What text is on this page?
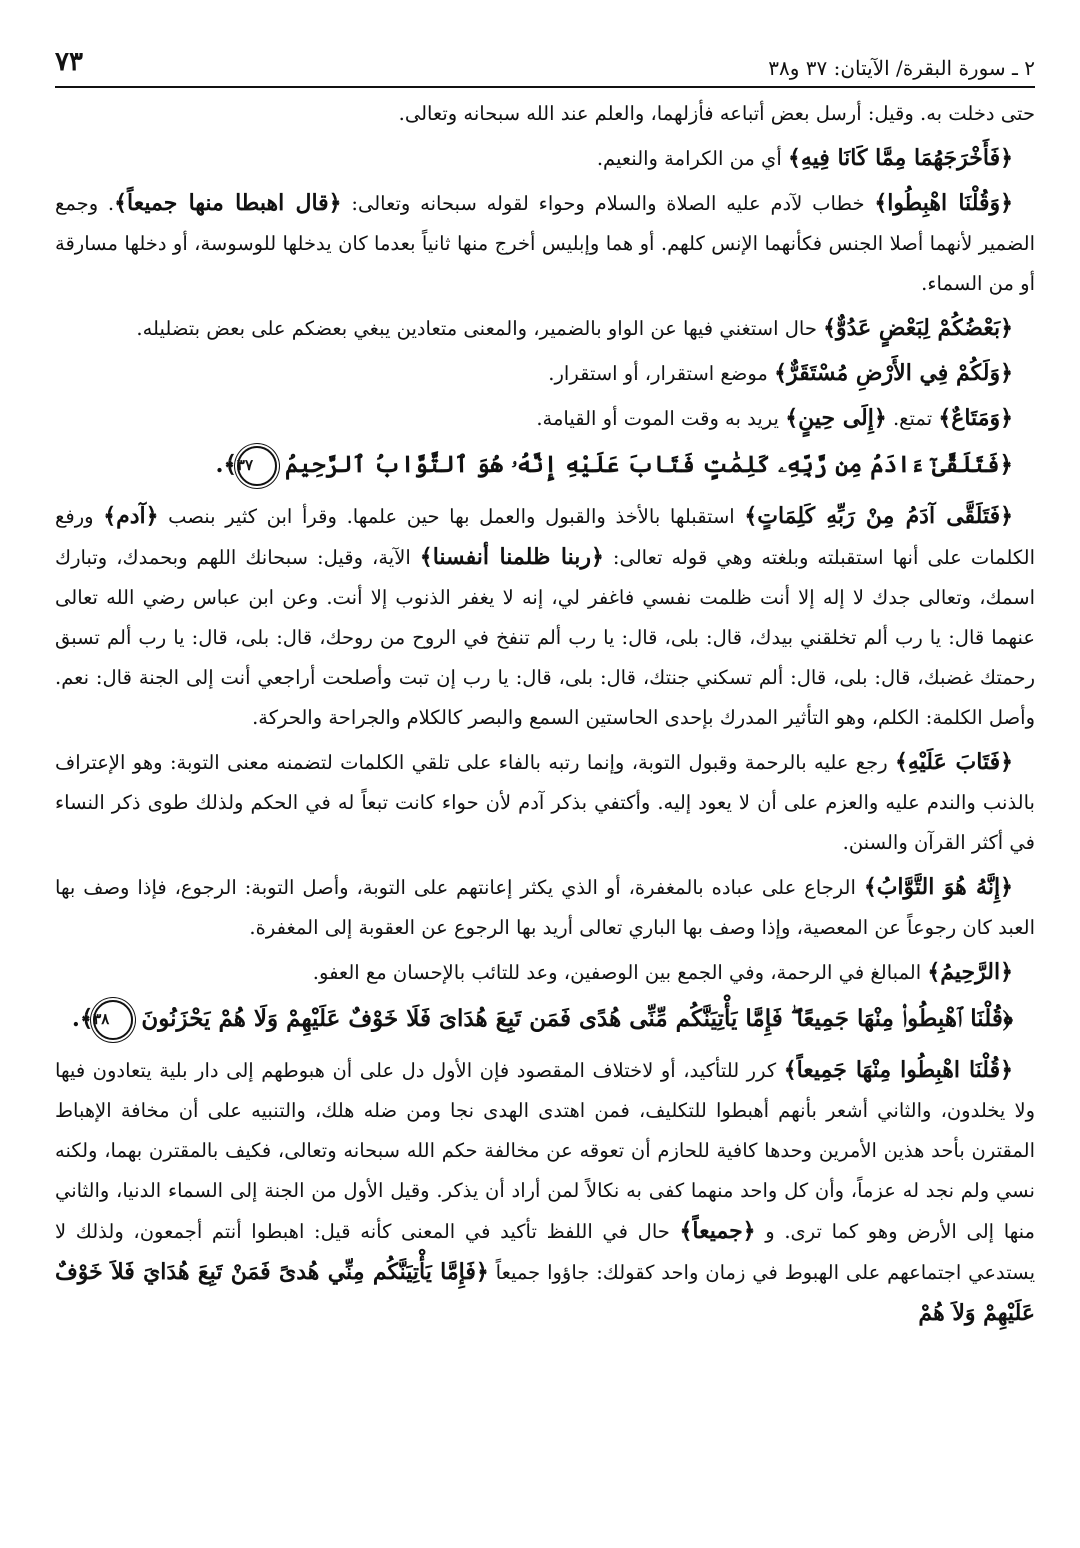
٢ ـ سورة البقرة/ الآيتان: ٣٧ و٣٨
٧٣

حتى دخلت به. وقيل: أرسل بعض أتباعه فأزلهما، والعلم عند الله سبحانه وتعالى.

﴿فَأَخْرَجَهُمَا مِمَّا كَانَا فِيهِ﴾ أي من الكرامة والنعيم.

﴿وَقُلْنَا اهْبِطُوا﴾ خطاب لآدم عليه الصلاة والسلام وحواء لقوله سبحانه وتعالى: ﴿قال اهبطا منها جميعاً﴾. وجمع الضمير لأنهما أصلا الجنس فكأنهما الإنس كلهم. أو هما وإبليس أخرج منها ثانياً بعدما كان يدخلها للوسوسة، أو دخلها مسارقة أو من السماء.

﴿بَعْضُكُمْ لِبَعْضٍ عَدُوٌّ﴾ حال استغني فيها عن الواو بالضمير، والمعنى متعادين يبغي بعضكم على بعض بتضليله.

﴿وَلَكُمْ فِي الأَرْضِ مُسْتَقَرٌّ﴾ موضع استقرار، أو استقرار.

﴿وَمَتَاعٌ﴾ تمتع. ﴿إِلَى حِينٍ﴾ يريد به وقت الموت أو القيامة.

﴿فَتَلَقَّىٰٓ ءَادَمُ مِن رَّبِّهِۦ كَلِمَٰتٍ فَتَابَ عَلَيْهِ إِنَّهُۥ هُوَ ٱلتَّوَّابُ ٱلرَّحِيمُ ٣٧﴾.

﴿فَتَلَقَّى آدَمُ مِنْ رَبِّهِ كَلِمَاتٍ﴾ استقبلها بالأخذ والقبول والعمل بها حين علمها. وقرأ ابن كثير بنصب ﴿آدم﴾ ورفع الكلمات على أنها استقبلته وبلغته وهي قوله تعالى: ﴿ربنا ظلمنا أنفسنا﴾ الآية، وقيل: سبحانك اللهم وبحمدك، وتبارك اسمك، وتعالى جدك لا إله إلا أنت ظلمت نفسي فاغفر لي، إنه لا يغفر الذنوب إلا أنت. وعن ابن عباس رضي الله تعالى عنهما قال: يا رب ألم تخلقني بيدك، قال: بلى، قال: يا رب ألم تنفخ في الروح من روحك، قال: بلى، قال: يا رب ألم تسبق رحمتك غضبك، قال: بلى، قال: ألم تسكني جنتك، قال: بلى، قال: يا رب إن تبت وأصلحت أراجعي أنت إلى الجنة قال: نعم. وأصل الكلمة: الكلم، وهو التأثير المدرك بإحدى الحاستين السمع والبصر كالكلام والجراحة والحركة.

﴿فَتَابَ عَلَيْهِ﴾ رجع عليه بالرحمة وقبول التوبة، وإنما رتبه بالفاء على تلقي الكلمات لتضمنه معنى التوبة: وهو الإعتراف بالذنب والندم عليه والعزم على أن لا يعود إليه. وأكتفي بذكر آدم لأن حواء كانت تبعاً له في الحكم ولذلك طوى ذكر النساء في أكثر القرآن والسنن.

﴿إِنَّهُ هُوَ التَّوَّابُ﴾ الرجاع على عباده بالمغفرة، أو الذي يكثر إعانتهم على التوبة، وأصل التوبة: الرجوع، فإذا وصف بها العبد كان رجوعاً عن المعصية، وإذا وصف بها الباري تعالى أريد بها الرجوع عن العقوبة إلى المغفرة.

﴿الرَّحِيمُ﴾ المبالغ في الرحمة، وفي الجمع بين الوصفين، وعد للتائب بالإحسان مع العفو.

﴿قُلْنَا ٱهْبِطُوا۟ مِنْهَا جَمِيعًا ۖ فَإِمَّا يَأْتِيَنَّكُم مِّنِّى هُدًى فَمَن تَبِعَ هُدَاىَ فَلَا خَوْفٌ عَلَيْهِمْ وَلَا هُمْ يَحْزَنُونَ ٣٨﴾.

﴿قُلْنَا اهْبِطُوا مِنْهَا جَمِيعاً﴾ كرر للتأكيد، أو لاختلاف المقصود فإن الأول دل على أن هبوطهم إلى دار بلية يتعادون فيها ولا يخلدون، والثاني أشعر بأنهم أهبطوا للتكليف، فمن اهتدى الهدى نجا ومن ضله هلك، والتنبيه على أن مخافة الإهباط المقترن بأحد هذين الأمرين وحدها كافية للحازم أن تعوقه عن مخالفة حكم الله سبحانه وتعالى، فكيف بالمقترن بهما، ولكنه نسي ولم نجد له عزماً، وأن كل واحد منهما كفى به نكالاً لمن أراد أن يذكر. وقيل الأول من الجنة إلى السماء الدنيا، والثاني منها إلى الأرض وهو كما ترى. و ﴿جميعاً﴾ حال في اللفظ تأكيد في المعنى كأنه قيل: اهبطوا أنتم أجمعون، ولذلك لا يستدعي اجتماعهم على الهبوط في زمان واحد كقولك: جاؤوا جميعاً ﴿فَإِمَّا يَأْتِيَنَّكُم مِنِّي هُدىً فَمَنْ تَبِعَ هُدَايَ فَلاَ خَوْفٌ عَلَيْهِمْ وَلاَ هُمْ
